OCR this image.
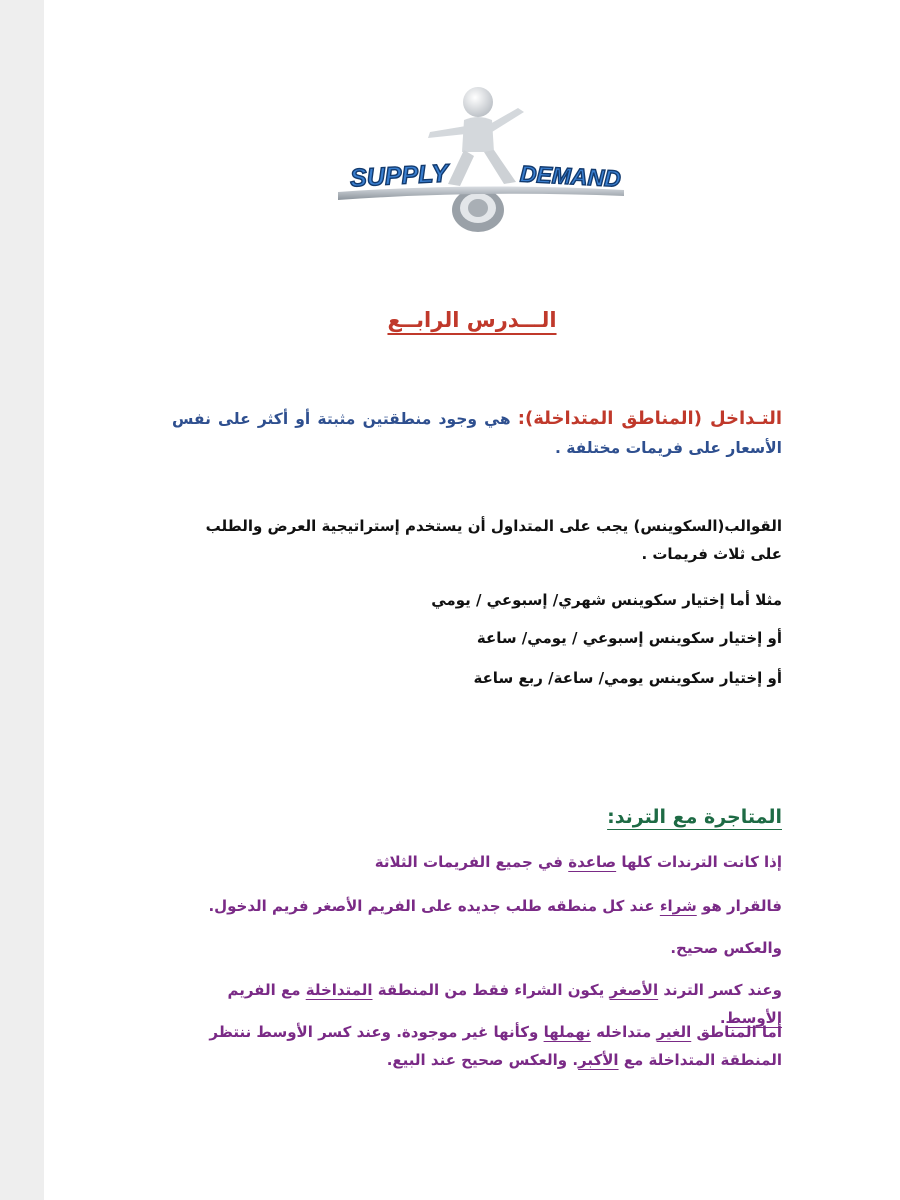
SUPPLY	DEMAND
الـــدرس الرابــع
التـداخل (المناطق المتداخلة): هي وجود منطقتين مثبتة أو أكثر على نفس الأسعار على فريمات مختلفة .
القوالب(السكوينس) يجب على المتداول أن يستخدم إستراتيجية العرض والطلب على ثلاث فريمات .
مثلا أما إختيار سكوينس شهري/ إسبوعي / يومي
أو إختيار سكوينس إسبوعي / يومي/ ساعة
أو إختيار سكوينس يومي/ ساعة/ ربع ساعة
المتاجرة مع الترند:
إذا كانت الترندات كلها صاعدة في جميع الفريمات الثلاثة
فالقرار هو شراء عند كل منطقه طلب جديده على الفريم الأصغر فريم الدخول.
والعكس صحيح.
وعند كسر الترند الأصغر يكون الشراء فقط من المنطقة المتداخلة مع الفريم الأوسط.
أما المناطق الغير متداخله نهملها وكأنها غير موجودة. وعند كسر الأوسط ننتظر المنطقة المتداخلة مع الأكبر. والعكس صحيح عند البيع.
